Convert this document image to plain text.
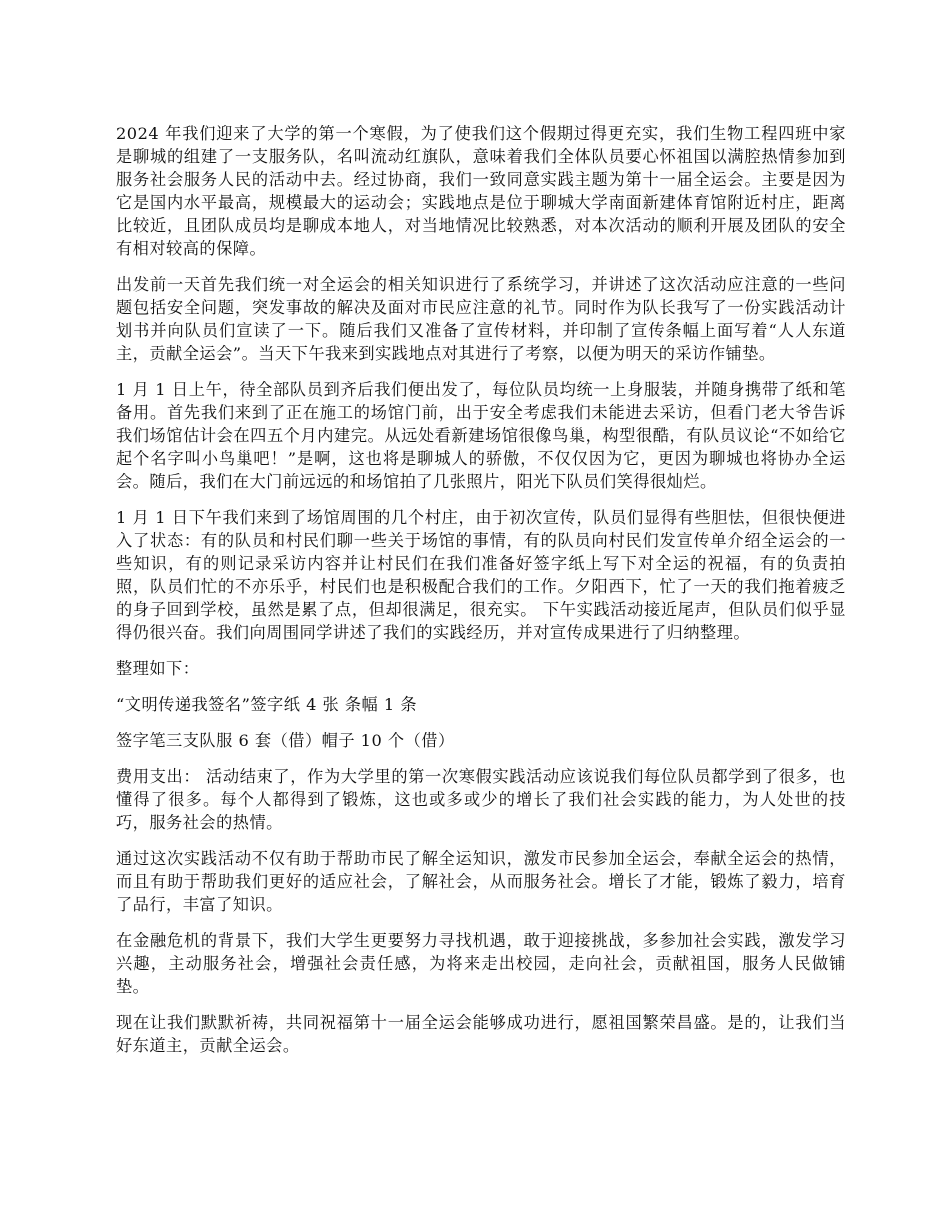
2024 年我们迎来了大学的第一个寒假，为了使我们这个假期过得更充实，我们生物工程四班中家是聊城的组建了一支服务队，名叫流动红旗队，意味着我们全体队员要心怀祖国以满腔热情参加到服务社会服务人民的活动中去。经过协商，我们一致同意实践主题为第十一届全运会。主要是因为它是国内水平最高，规模最大的运动会；实践地点是位于聊城大学南面新建体育馆附近村庄，距离比较近，且团队成员均是聊成本地人，对当地情况比较熟悉，对本次活动的顺利开展及团队的安全有相对较高的保障。

出发前一天首先我们统一对全运会的相关知识进行了系统学习，并讲述了这次活动应注意的一些问题包括安全问题，突发事故的解决及面对市民应注意的礼节。同时作为队长我写了一份实践活动计划书并向队员们宣读了一下。随后我们又准备了宣传材料，并印制了宣传条幅上面写着“人人东道主，贡献全运会”。当天下午我来到实践地点对其进行了考察，以便为明天的采访作铺垫。

1 月 1 日上午，待全部队员到齐后我们便出发了，每位队员均统一上身服装，并随身携带了纸和笔备用。首先我们来到了正在施工的场馆门前，出于安全考虑我们未能进去采访，但看门老大爷告诉我们场馆估计会在四五个月内建完。从远处看新建场馆很像鸟巢，构型很酷，有队员议论“不如给它起个名字叫小鸟巢吧！”是啊，这也将是聊城人的骄傲，不仅仅因为它，更因为聊城也将协办全运会。随后，我们在大门前远远的和场馆拍了几张照片，阳光下队员们笑得很灿烂。

1 月 1 日下午我们来到了场馆周围的几个村庄，由于初次宣传，队员们显得有些胆怯，但很快便进入了状态：有的队员和村民们聊一些关于场馆的事情，有的队员向村民们发宣传单介绍全运会的一些知识，有的则记录采访内容并让村民们在我们准备好签字纸上写下对全运的祝福，有的负责拍照，队员们忙的不亦乐乎，村民们也是积极配合我们的工作。夕阳西下，忙了一天的我们拖着疲乏的身子回到学校，虽然是累了点，但却很满足，很充实。 下午实践活动接近尾声，但队员们似乎显得仍很兴奋。我们向周围同学讲述了我们的实践经历，并对宣传成果进行了归纳整理。

整理如下：

“文明传递我签名”签字纸 4 张 条幅 1 条

签字笔三支队服 6 套（借）帽子 10 个（借）

费用支出： 活动结束了，作为大学里的第一次寒假实践活动应该说我们每位队员都学到了很多，也懂得了很多。每个人都得到了锻炼，这也或多或少的增长了我们社会实践的能力，为人处世的技巧，服务社会的热情。

通过这次实践活动不仅有助于帮助市民了解全运知识，激发市民参加全运会，奉献全运会的热情，而且有助于帮助我们更好的适应社会，了解社会，从而服务社会。增长了才能，锻炼了毅力，培育了品行，丰富了知识。

在金融危机的背景下，我们大学生更要努力寻找机遇，敢于迎接挑战，多参加社会实践，激发学习兴趣，主动服务社会，增强社会责任感，为将来走出校园，走向社会，贡献祖国，服务人民做铺垫。

现在让我们默默祈祷，共同祝福第十一届全运会能够成功进行，愿祖国繁荣昌盛。是的，让我们当好东道主，贡献全运会。
